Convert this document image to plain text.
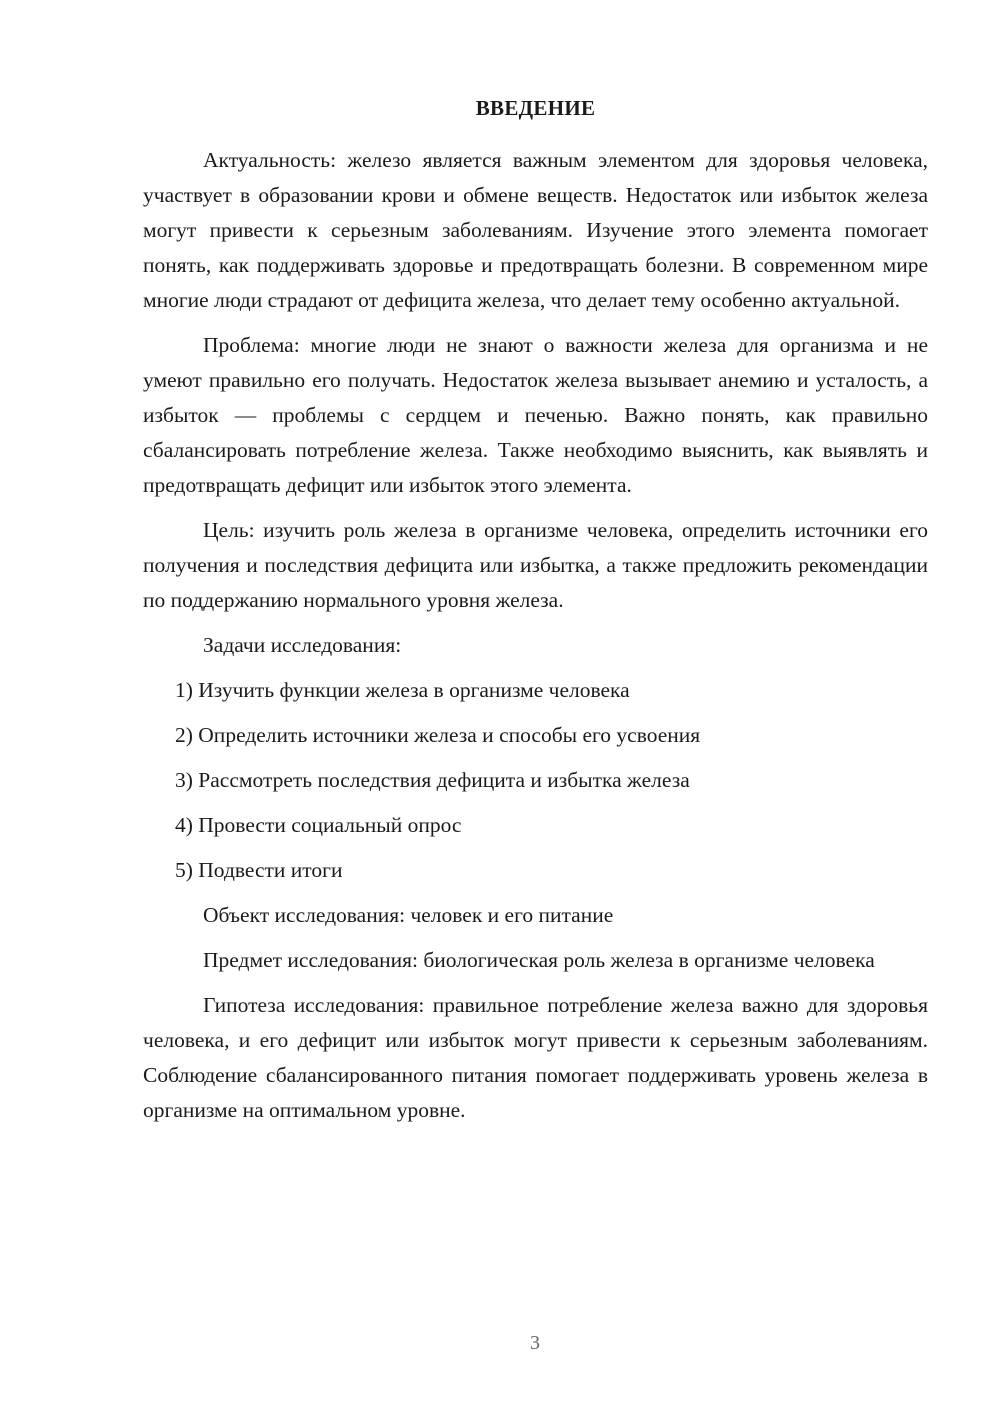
ВВЕДЕНИЕ

Актуальность: железо является важным элементом для здоровья человека, участвует в образовании крови и обмене веществ. Недостаток или избыток железа могут привести к серьезным заболеваниям. Изучение этого элемента помогает понять, как поддерживать здоровье и предотвращать болезни. В современном мире многие люди страдают от дефицита железа, что делает тему особенно актуальной.

Проблема: многие люди не знают о важности железа для организма и не умеют правильно его получать. Недостаток железа вызывает анемию и усталость, а избыток — проблемы с сердцем и печенью. Важно понять, как правильно сбалансировать потребление железа. Также необходимо выяснить, как выявлять и предотвращать дефицит или избыток этого элемента.

Цель: изучить роль железа в организме человека, определить источники его получения и последствия дефицита или избытка, а также предложить рекомендации по поддержанию нормального уровня железа.

Задачи исследования:

1) Изучить функции железа в организме человека
2) Определить источники железа и способы его усвоения
3) Рассмотреть последствия дефицита и избытка железа
4) Провести социальный опрос
5) Подвести итоги

Объект исследования: человек и его питание

Предмет исследования: биологическая роль железа в организме человека

Гипотеза исследования: правильное потребление железа важно для здоровья человека, и его дефицит или избыток могут привести к серьезным заболеваниям. Соблюдение сбалансированного питания помогает поддерживать уровень железа в организме на оптимальном уровне.

3
